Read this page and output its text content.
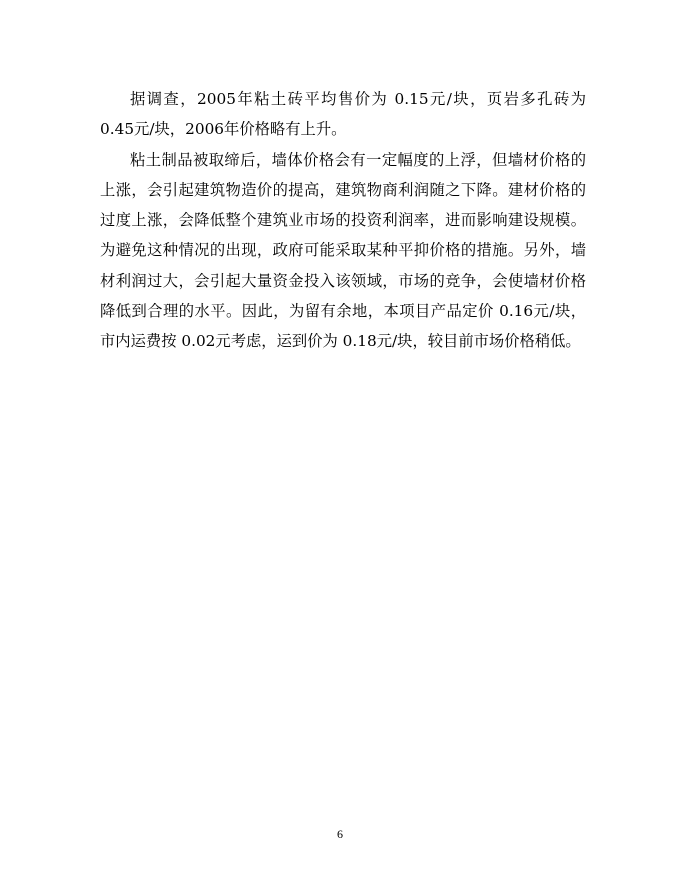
据调查，2005年粘土砖平均售价为 0.15元/块，页岩多孔砖为 0.45元/块，2006年价格略有上升。

粘土制品被取缔后，墙体价格会有一定幅度的上浮，但墙材价格的上涨，会引起建筑物造价的提高，建筑物商利润随之下降。建材价格的过度上涨，会降低整个建筑业市场的投资利润率，进而影响建设规模。为避免这种情况的出现，政府可能采取某种平抑价格的措施。另外，墙材利润过大，会引起大量资金投入该领域，市场的竞争，会使墙材价格降低到合理的水平。因此，为留有余地，本项目产品定价 0.16元/块，市内运费按 0.02元考虑，运到价为 0.18元/块，较目前市场价格稍低。

6
